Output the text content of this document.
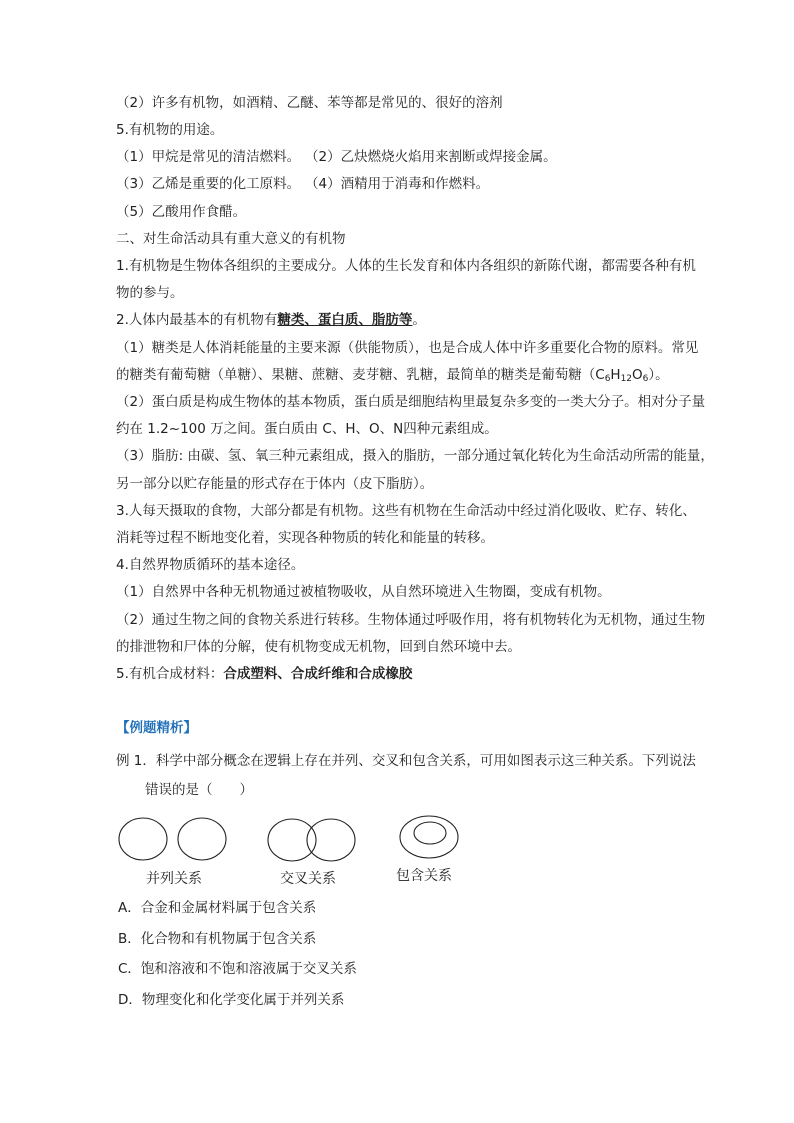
（2）许多有机物，如酒精、乙醚、苯等都是常见的、很好的溶剂
5.有机物的用途。
（1）甲烷是常见的清洁燃料。 （2）乙炔燃烧火焰用来割断或焊接金属。
（3）乙烯是重要的化工原料。 （4）酒精用于消毒和作燃料。
（5）乙酸用作食醋。
二、对生命活动具有重大意义的有机物
1.有机物是生物体各组织的主要成分。人体的生长发育和体内各组织的新陈代谢，都需要各种有机
物的参与。
2.人体内最基本的有机物有糖类、蛋白质、脂肪等。
（1）糖类是人体消耗能量的主要来源（供能物质），也是合成人体中许多重要化合物的原料。常见
的糖类有葡萄糖（单糖）、果糖、蔗糖、麦芽糖、乳糖，最简单的糖类是葡萄糖$(C_6H_{12}O_6)$。
（2）蛋白质是构成生物体的基本物质，蛋白质是细胞结构里最复杂多变的一类大分子。相对分子量
约在 1.2~100 万之间。蛋白质由 C、H、O、N四种元素组成。
（3）脂肪: 由碳、氢、氧三种元素组成，摄入的脂肪，一部分通过氧化转化为生命活动所需的能量，
另一部分以贮存能量的形式存在于体内（皮下脂肪）。
3.人每天摄取的食物，大部分都是有机物。这些有机物在生命活动中经过消化吸收、贮存、转化、
消耗等过程不断地变化着，实现各种物质的转化和能量的转移。
4.自然界物质循环的基本途径。
（1）自然界中各种无机物通过被植物吸收，从自然环境进入生物圈，变成有机物。
（2）通过生物之间的食物关系进行转移。生物体通过呼吸作用，将有机物转化为无机物，通过生物
的排泄物和尸体的分解，使有机物变成无机物，回到自然环境中去。
5.有机合成材料：合成塑料、合成纤维和合成橡胶
【例题精析】
例 1．科学中部分概念在逻辑上存在并列、交叉和包含关系，可用如图表示这三种关系。下列说法
错误的是（　　）
并列关系	交叉关系	包含关系
A．合金和金属材料属于包含关系
B．化合物和有机物属于包含关系
C．饱和溶液和不饱和溶液属于交叉关系
D．物理变化和化学变化属于并列关系
